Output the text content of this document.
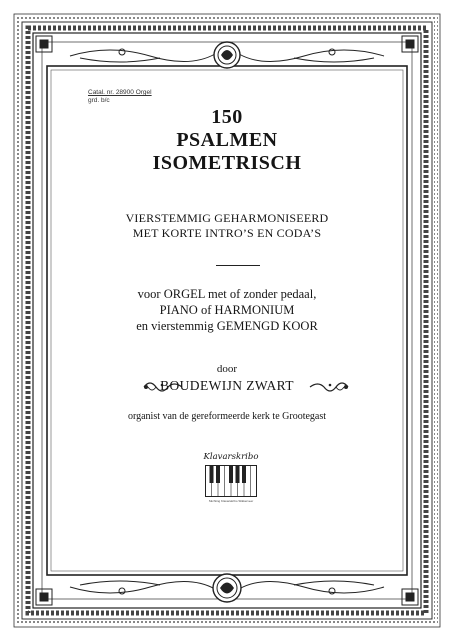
Catal. nr. 28900 Orgel
grd. b/c
150
PSALMEN
ISOMETRISCH
VIERSTEMMIG GEHARMONISEERD
MET KORTE INTRO’S EN CODA’S
voor ORGEL met of zonder pedaal,
PIANO of HARMONIUM
en vierstemmig GEMENGD KOOR
door
BOUDEWIJN ZWART
organist van de gereformeerde kerk te Grootegast
Klavarskribo
Stichting Klavarskribo Slikkerveer
